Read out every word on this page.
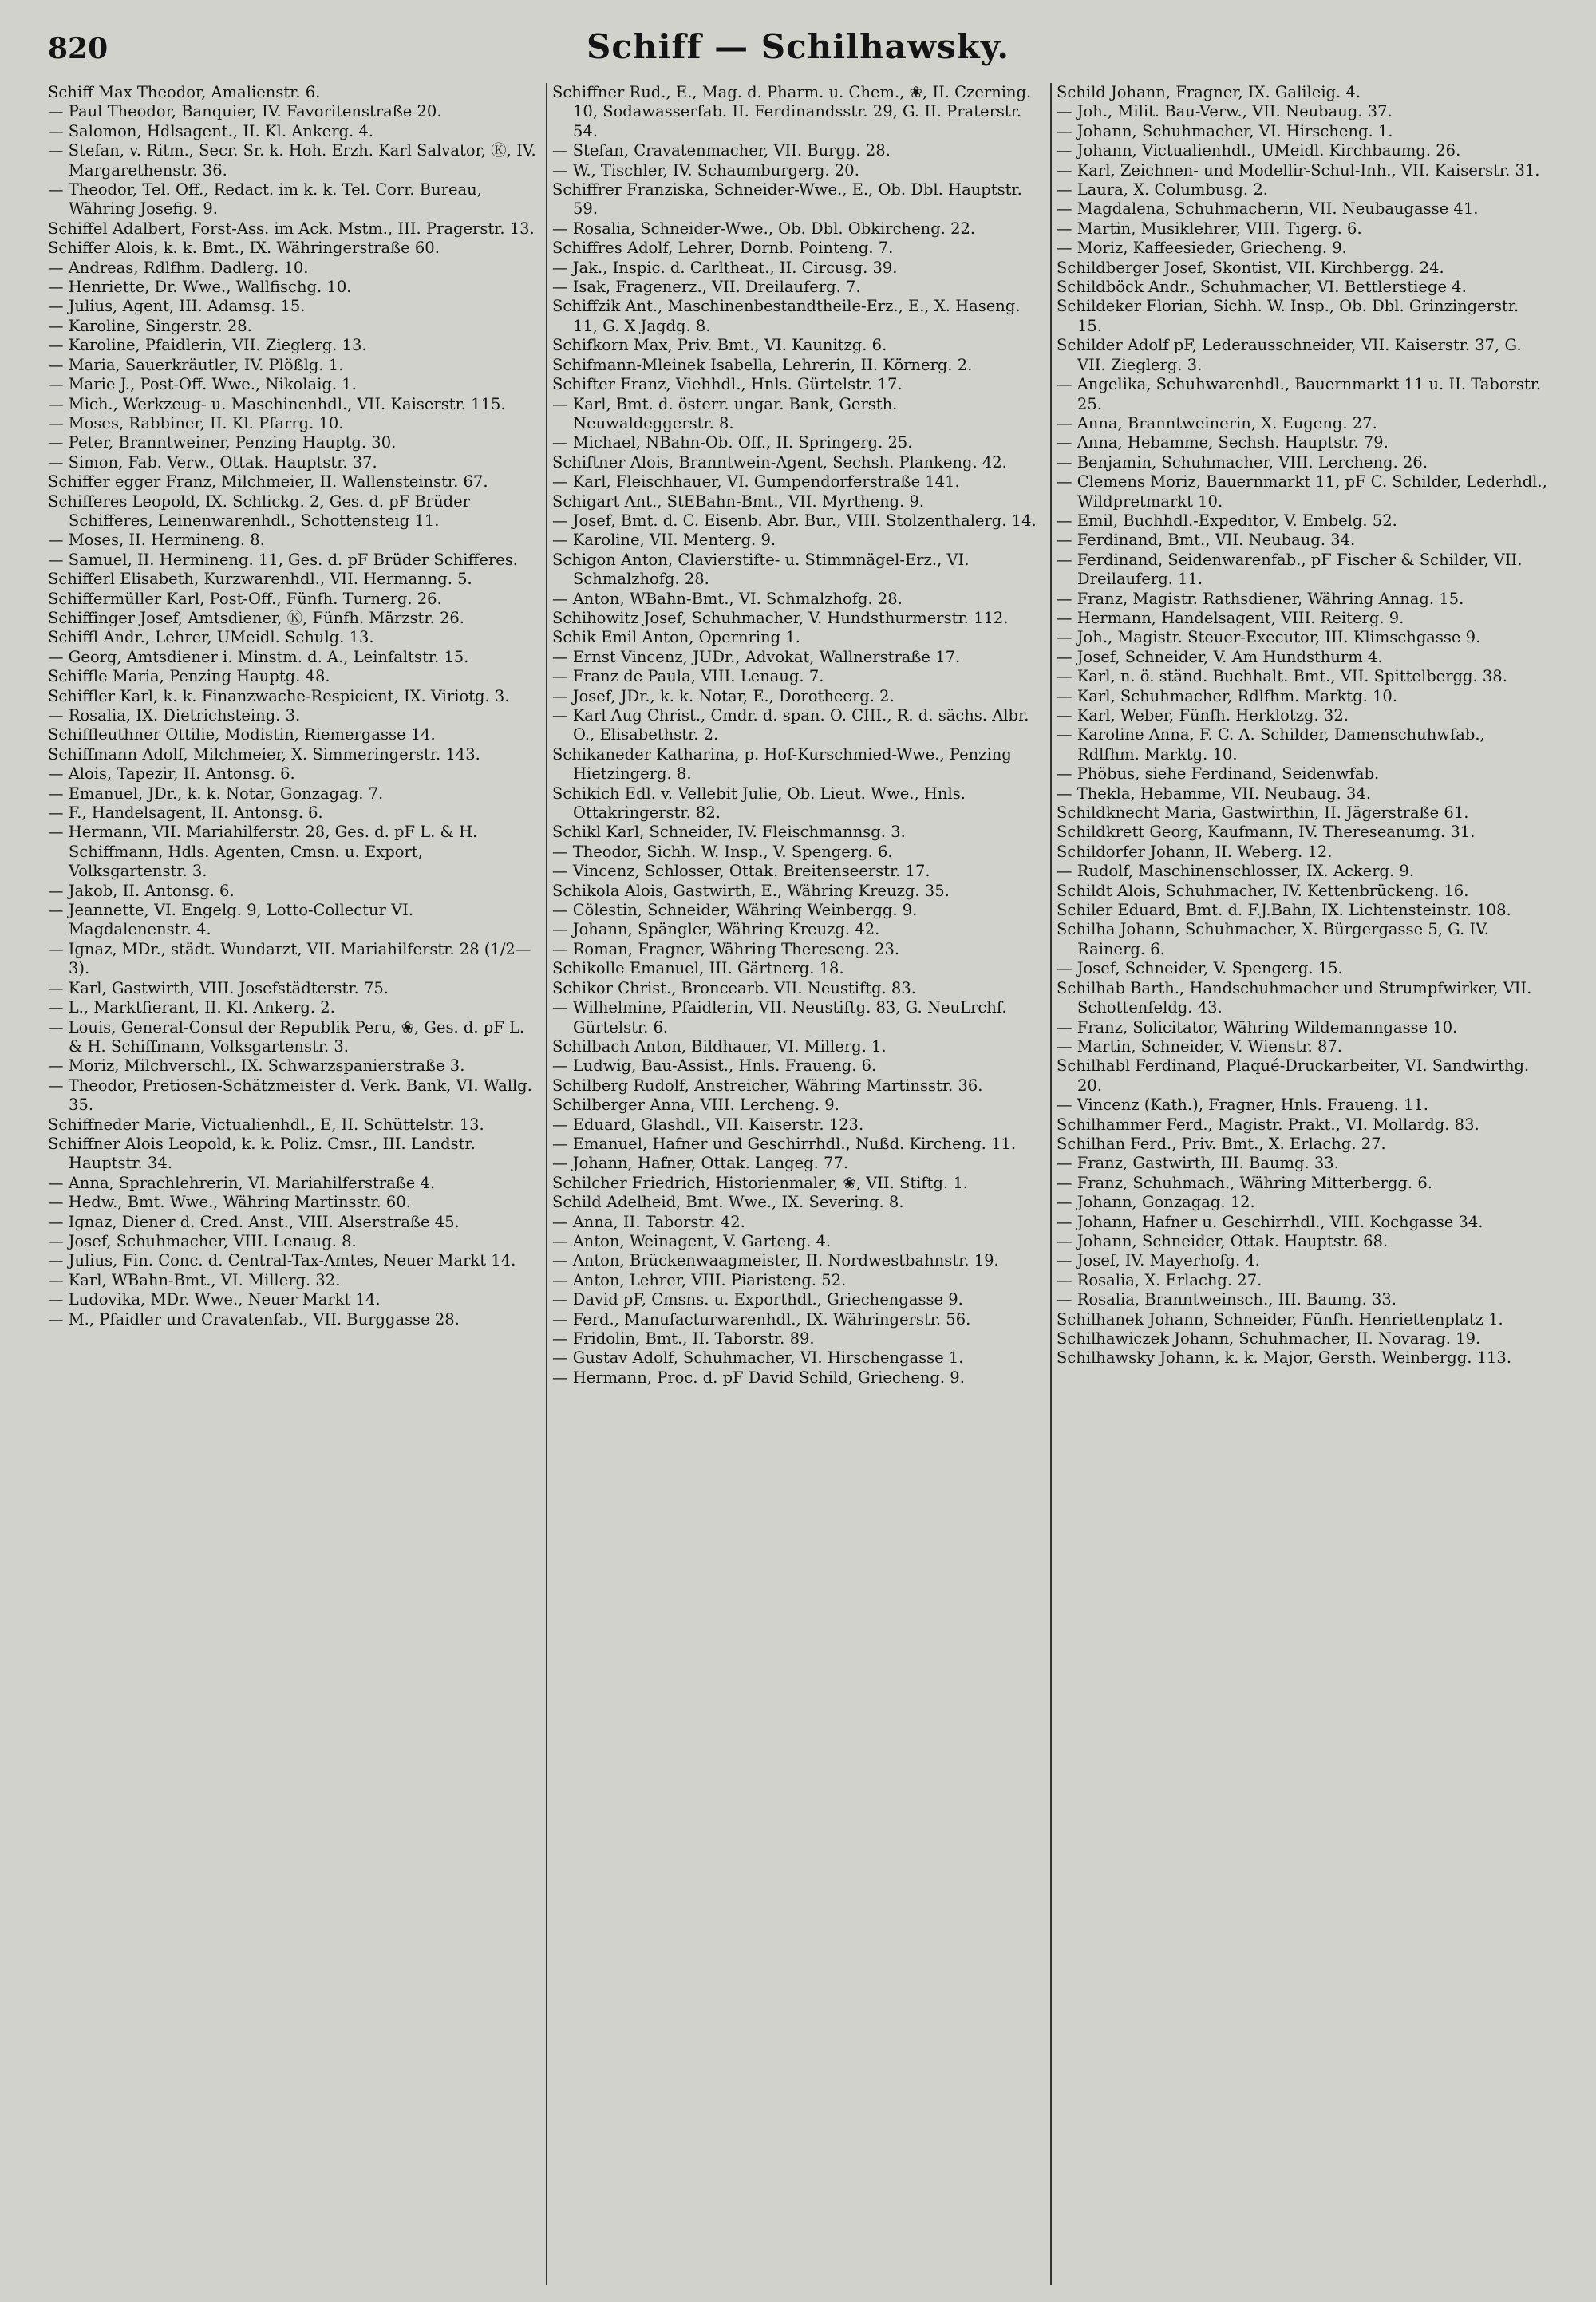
820	Schiff — Schilhawsky.
Schiff Max Theodor, Amalienstr. 6.
— Paul Theodor, Banquier, IV. Favoritenstraße 20.
— Salomon, Hdlsagent., II. Kl. Ankerg. 4.
— Stefan, v. Ritm., Secr. Sr. k. Hoh. Erzh. Karl Salvator, Ⓚ, IV. Margarethenstr. 36.
— Theodor, Tel. Off., Redact. im k. k. Tel. Corr. Bureau, Währing Josefig. 9.
Schiffel Adalbert, Forst-Ass. im Ack. Mstm., III. Pragerstr. 13.
Schiffer Alois, k. k. Bmt., IX. Währingerstraße 60.
— Andreas, Rdlfhm. Dadlerg. 10.
— Henriette, Dr. Wwe., Wallfischg. 10.
— Julius, Agent, III. Adamsg. 15.
— Karoline, Singerstr. 28.
— Karoline, Pfaidlerin, VII. Zieglerg. 13.
— Maria, Sauerkräutler, IV. Plößlg. 1.
— Marie J., Post-Off. Wwe., Nikolaig. 1.
— Mich., Werkzeug- u. Maschinenhdl., VII. Kaiserstr. 115.
— Moses, Rabbiner, II. Kl. Pfarrg. 10.
— Peter, Branntweiner, Penzing Hauptg. 30.
— Simon, Fab. Verw., Ottak. Hauptstr. 37.
Schiffer egger Franz, Milchmeier, II. Wallensteinstr. 67.
Schifferes Leopold, IX. Schlickg. 2, Ges. d. pF Brüder Schifferes, Leinenwarenhdl., Schottensteig 11.
— Moses, II. Hermineng. 8.
— Samuel, II. Hermineng. 11, Ges. d. pF Brüder Schifferes.
Schifferl Elisabeth, Kurzwarenhdl., VII. Hermanng. 5.
Schiffermüller Karl, Post-Off., Fünfh. Turnerg. 26.
Schiffinger Josef, Amtsdiener, Ⓚ, Fünfh. Märzstr. 26.
Schiffl Andr., Lehrer, UMeidl. Schulg. 13.
— Georg, Amtsdiener i. Minstm. d. A., Leinfaltstr. 15.
Schiffle Maria, Penzing Hauptg. 48.
Schiffler Karl, k. k. Finanzwache-Respicient, IX. Viriotg. 3.
— Rosalia, IX. Dietrichsteing. 3.
Schiffleuthner Ottilie, Modistin, Riemergasse 14.
Schiffmann Adolf, Milchmeier, X. Simmeringerstr. 143.
— Alois, Tapezir, II. Antonsg. 6.
— Emanuel, JDr., k. k. Notar, Gonzagag. 7.
— F., Handelsagent, II. Antonsg. 6.
— Hermann, VII. Mariahilferstr. 28, Ges. d. pF L. & H. Schiffmann, Hdls. Agenten, Cmsn. u. Export, Volksgartenstr. 3.
— Jakob, II. Antonsg. 6.
— Jeannette, VI. Engelg. 9, Lotto-Collectur VI. Magdalenenstr. 4.
— Ignaz, MDr., städt. Wundarzt, VII. Mariahilferstr. 28 (1/2—3).
— Karl, Gastwirth, VIII. Josefstädterstr. 75.
— L., Marktfierant, II. Kl. Ankerg. 2.
— Louis, General-Consul der Republik Peru, ❀, Ges. d. pF L. & H. Schiffmann, Volksgartenstr. 3.
— Moriz, Milchverschl., IX. Schwarzspanierstraße 3.
— Theodor, Pretiosen-Schätzmeister d. Verk. Bank, VI. Wallg. 35.
Schiffneder Marie, Victualienhdl., E, II. Schüttelstr. 13.
Schiffner Alois Leopold, k. k. Poliz. Cmsr., III. Landstr. Hauptstr. 34.
— Anna, Sprachlehrerin, VI. Mariahilferstraße 4.
— Hedw., Bmt. Wwe., Währing Martinsstr. 60.
— Ignaz, Diener d. Cred. Anst., VIII. Alserstraße 45.
— Josef, Schuhmacher, VIII. Lenaug. 8.
— Julius, Fin. Conc. d. Central-Tax-Amtes, Neuer Markt 14.
— Karl, WBahn-Bmt., VI. Millerg. 32.
— Ludovika, MDr. Wwe., Neuer Markt 14.
— M., Pfaidler und Cravatenfab., VII. Burggasse 28.
Schiffner Rud., E., Mag. d. Pharm. u. Chem., ❀, II. Czerning. 10, Sodawasserfab. II. Ferdinandsstr. 29, G. II. Praterstr. 54.
— Stefan, Cravatenmacher, VII. Burgg. 28.
— W., Tischler, IV. Schaumburgerg. 20.
Schiffrer Franziska, Schneider-Wwe., E., Ob. Dbl. Hauptstr. 59.
— Rosalia, Schneider-Wwe., Ob. Dbl. Obkircheng. 22.
Schiffres Adolf, Lehrer, Dornb. Pointeng. 7.
— Jak., Inspic. d. Carltheat., II. Circusg. 39.
— Isak, Fragenerz., VII. Dreilauferg. 7.
Schiffzik Ant., Maschinenbestandtheile-Erz., E., X. Haseng. 11, G. X Jagdg. 8.
Schifkorn Max, Priv. Bmt., VI. Kaunitzg. 6.
Schifmann-Mleinek Isabella, Lehrerin, II. Körnerg. 2.
Schifter Franz, Viehhdl., Hnls. Gürtelstr. 17.
— Karl, Bmt. d. österr. ungar. Bank, Gersth. Neuwaldeggerstr. 8.
— Michael, NBahn-Ob. Off., II. Springerg. 25.
Schiftner Alois, Branntwein-Agent, Sechsh. Plankeng. 42.
— Karl, Fleischhauer, VI. Gumpendorferstraße 141.
Schigart Ant., StEBahn-Bmt., VII. Myrtheng. 9.
— Josef, Bmt. d. C. Eisenb. Abr. Bur., VIII. Stolzenthalerg. 14.
— Karoline, VII. Menterg. 9.
Schigon Anton, Clavierstifte- u. Stimmnägel-Erz., VI. Schmalzhofg. 28.
— Anton, WBahn-Bmt., VI. Schmalzhofg. 28.
Schihowitz Josef, Schuhmacher, V. Hundsthurmerstr. 112.
Schik Emil Anton, Opernring 1.
— Ernst Vincenz, JUDr., Advokat, Wallnerstraße 17.
— Franz de Paula, VIII. Lenaug. 7.
— Josef, JDr., k. k. Notar, E., Dorotheerg. 2.
— Karl Aug Christ., Cmdr. d. span. O. CIII., R. d. sächs. Albr. O., Elisabethstr. 2.
Schikaneder Katharina, p. Hof-Kurschmied-Wwe., Penzing Hietzingerg. 8.
Schikich Edl. v. Vellebit Julie, Ob. Lieut. Wwe., Hnls. Ottakringerstr. 82.
Schikl Karl, Schneider, IV. Fleischmannsg. 3.
— Theodor, Sichh. W. Insp., V. Spengerg. 6.
— Vincenz, Schlosser, Ottak. Breitenseerstr. 17.
Schikola Alois, Gastwirth, E., Währing Kreuzg. 35.
— Cölestin, Schneider, Währing Weinbergg. 9.
— Johann, Spängler, Währing Kreuzg. 42.
— Roman, Fragner, Währing Thereseng. 23.
Schikolle Emanuel, III. Gärtnerg. 18.
Schikor Christ., Broncearb. VII. Neustiftg. 83.
— Wilhelmine, Pfaidlerin, VII. Neustiftg. 83, G. NeuLrchf. Gürtelstr. 6.
Schilbach Anton, Bildhauer, VI. Millerg. 1.
— Ludwig, Bau-Assist., Hnls. Fraueng. 6.
Schilberg Rudolf, Anstreicher, Währing Martinsstr. 36.
Schilberger Anna, VIII. Lercheng. 9.
— Eduard, Glashdl., VII. Kaiserstr. 123.
— Emanuel, Hafner und Geschirrhdl., Nußd. Kircheng. 11.
— Johann, Hafner, Ottak. Langeg. 77.
Schilcher Friedrich, Historienmaler, ❀, VII. Stiftg. 1.
Schild Adelheid, Bmt. Wwe., IX. Severing. 8.
— Anna, II. Taborstr. 42.
— Anton, Weinagent, V. Garteng. 4.
— Anton, Brückenwaagmeister, II. Nordwestbahnstr. 19.
— Anton, Lehrer, VIII. Piaristeng. 52.
— David pF, Cmsns. u. Exporthdl., Griechengasse 9.
— Ferd., Manufacturwarenhdl., IX. Währingerstr. 56.
— Fridolin, Bmt., II. Taborstr. 89.
— Gustav Adolf, Schuhmacher, VI. Hirschengasse 1.
— Hermann, Proc. d. pF David Schild, Griecheng. 9.
Schild Johann, Fragner, IX. Galileig. 4.
— Joh., Milit. Bau-Verw., VII. Neubaug. 37.
— Johann, Schuhmacher, VI. Hirscheng. 1.
— Johann, Victualienhdl., UMeidl. Kirchbaumg. 26.
— Karl, Zeichnen- und Modellir-Schul-Inh., VII. Kaiserstr. 31.
— Laura, X. Columbusg. 2.
— Magdalena, Schuhmacherin, VII. Neubaugasse 41.
— Martin, Musiklehrer, VIII. Tigerg. 6.
— Moriz, Kaffeesieder, Griecheng. 9.
Schildberger Josef, Skontist, VII. Kirchbergg. 24.
Schildböck Andr., Schuhmacher, VI. Bettlerstiege 4.
Schildeker Florian, Sichh. W. Insp., Ob. Dbl. Grinzingerstr. 15.
Schilder Adolf pF, Lederausschneider, VII. Kaiserstr. 37, G. VII. Zieglerg. 3.
— Angelika, Schuhwarenhdl., Bauernmarkt 11 u. II. Taborstr. 25.
— Anna, Branntweinerin, X. Eugeng. 27.
— Anna, Hebamme, Sechsh. Hauptstr. 79.
— Benjamin, Schuhmacher, VIII. Lercheng. 26.
— Clemens Moriz, Bauernmarkt 11, pF C. Schilder, Lederhdl., Wildpretmarkt 10.
— Emil, Buchhdl.-Expeditor, V. Embelg. 52.
— Ferdinand, Bmt., VII. Neubaug. 34.
— Ferdinand, Seidenwarenfab., pF Fischer & Schilder, VII. Dreilauferg. 11.
— Franz, Magistr. Rathsdiener, Währing Annag. 15.
— Hermann, Handelsagent, VIII. Reiterg. 9.
— Joh., Magistr. Steuer-Executor, III. Klimschgasse 9.
— Josef, Schneider, V. Am Hundsthurm 4.
— Karl, n. ö. ständ. Buchhalt. Bmt., VII. Spittelbergg. 38.
— Karl, Schuhmacher, Rdlfhm. Marktg. 10.
— Karl, Weber, Fünfh. Herklotzg. 32.
— Karoline Anna, F. C. A. Schilder, Damenschuhwfab., Rdlfhm. Marktg. 10.
— Phöbus, siehe Ferdinand, Seidenwfab.
— Thekla, Hebamme, VII. Neubaug. 34.
Schildknecht Maria, Gastwirthin, II. Jägerstraße 61.
Schildkrett Georg, Kaufmann, IV. Thereseanumg. 31.
Schildorfer Johann, II. Weberg. 12.
— Rudolf, Maschinenschlosser, IX. Ackerg. 9.
Schildt Alois, Schuhmacher, IV. Kettenbrückeng. 16.
Schiler Eduard, Bmt. d. F.J.Bahn, IX. Lichtensteinstr. 108.
Schilha Johann, Schuhmacher, X. Bürgergasse 5, G. IV. Rainerg. 6.
— Josef, Schneider, V. Spengerg. 15.
Schilhab Barth., Handschuhmacher und Strumpfwirker, VII. Schottenfeldg. 43.
— Franz, Solicitator, Währing Wildemanngasse 10.
— Martin, Schneider, V. Wienstr. 87.
Schilhabl Ferdinand, Plaqué-Druckarbeiter, VI. Sandwirthg. 20.
— Vincenz (Kath.), Fragner, Hnls. Fraueng. 11.
Schilhammer Ferd., Magistr. Prakt., VI. Mollardg. 83.
Schilhan Ferd., Priv. Bmt., X. Erlachg. 27.
— Franz, Gastwirth, III. Baumg. 33.
— Franz, Schuhmach., Währing Mitterbergg. 6.
— Johann, Gonzagag. 12.
— Johann, Hafner u. Geschirrhdl., VIII. Kochgasse 34.
— Johann, Schneider, Ottak. Hauptstr. 68.
— Josef, IV. Mayerhofg. 4.
— Rosalia, X. Erlachg. 27.
— Rosalia, Branntweinsch., III. Baumg. 33.
Schilhanek Johann, Schneider, Fünfh. Henriettenplatz 1.
Schilhawiczek Johann, Schuhmacher, II. Novarag. 19.
Schilhawsky Johann, k. k. Major, Gersth. Weinbergg. 113.
